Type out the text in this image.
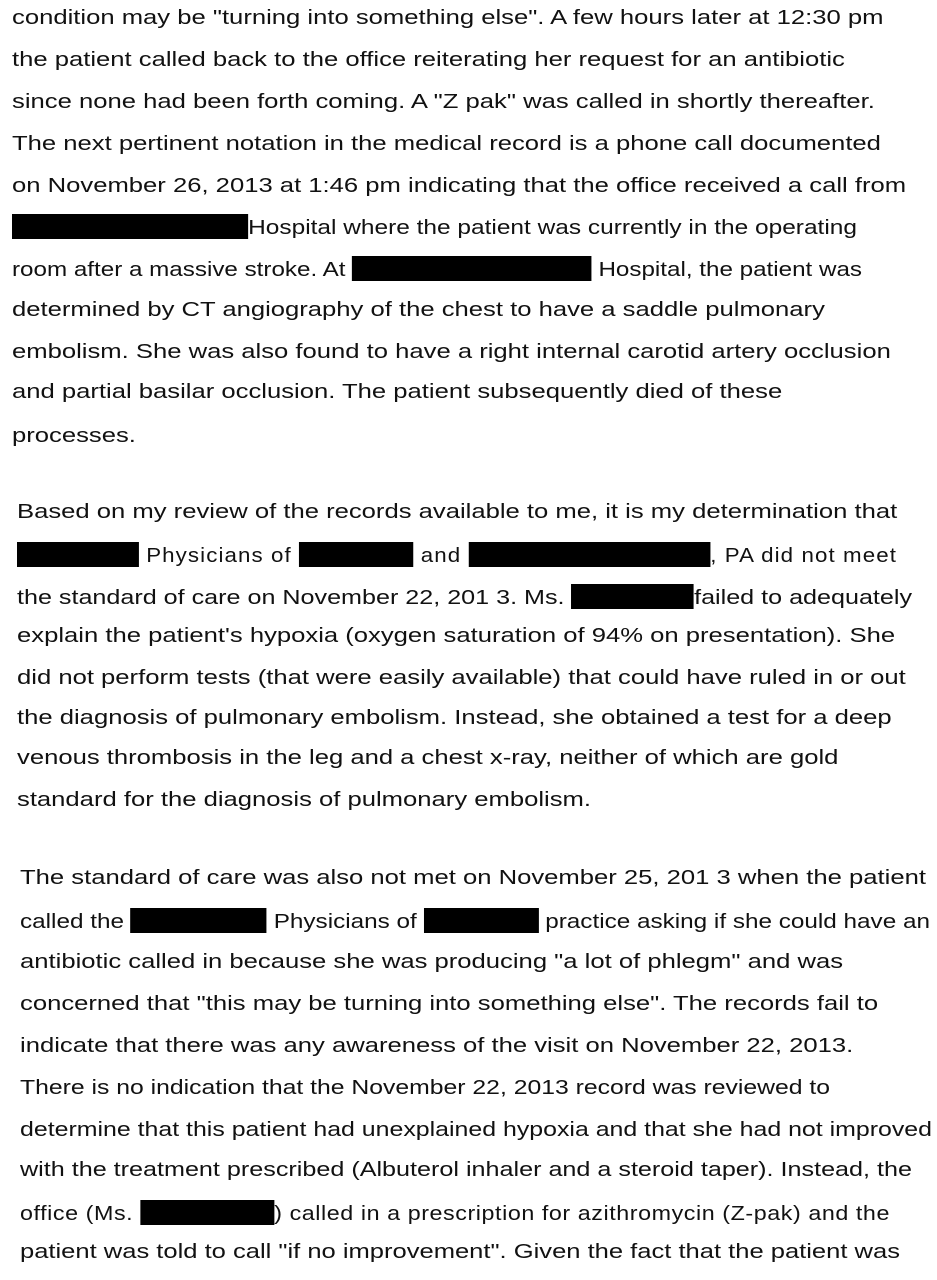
condition may be "turning into something else". A few hours later at 12:30 pm
the patient called back to the office reiterating her request for an antibiotic
since none had been forth coming. A "Z pak" was called in shortly thereafter.
The next pertinent notation in the medical record is a phone call documented
on November 26, 2013 at 1:46 pm indicating that the office received a call from
Hospital where the patient was currently in the operating
room after a massive stroke. At	Hospital, the patient was
determined by CT angiography of the chest to have a saddle pulmonary
embolism. She was also found to have a right internal carotid artery occlusion
and partial basilar occlusion. The patient subsequently died of these
processes.
Based on my review of the records available to me, it is my determination that
Physicians of	and	, PA did not meet
the standard of care on November 22, 201 3. Ms.	failed to adequately
explain the patient's hypoxia (oxygen saturation of 94% on presentation). She
did not perform tests (that were easily available) that could have ruled in or out
the diagnosis of pulmonary embolism. Instead, she obtained a test for a deep
venous thrombosis in the leg and a chest x-ray, neither of which are gold
standard for the diagnosis of pulmonary embolism.
The standard of care was also not met on November 25, 201 3 when the patient
called the	Physicians of	practice asking if she could have an
antibiotic called in because she was producing "a lot of phlegm" and was
concerned that "this may be turning into something else". The records fail to
indicate that there was any awareness of the visit on November 22, 2013.
There is no indication that the November 22, 2013 record was reviewed to
determine that this patient had unexplained hypoxia and that she had not improved
with the treatment prescribed (Albuterol inhaler and a steroid taper). Instead, the
office (Ms.	) called in a prescription for azithromycin (Z-pak) and the
patient was told to call "if no improvement". Given the fact that the patient was
